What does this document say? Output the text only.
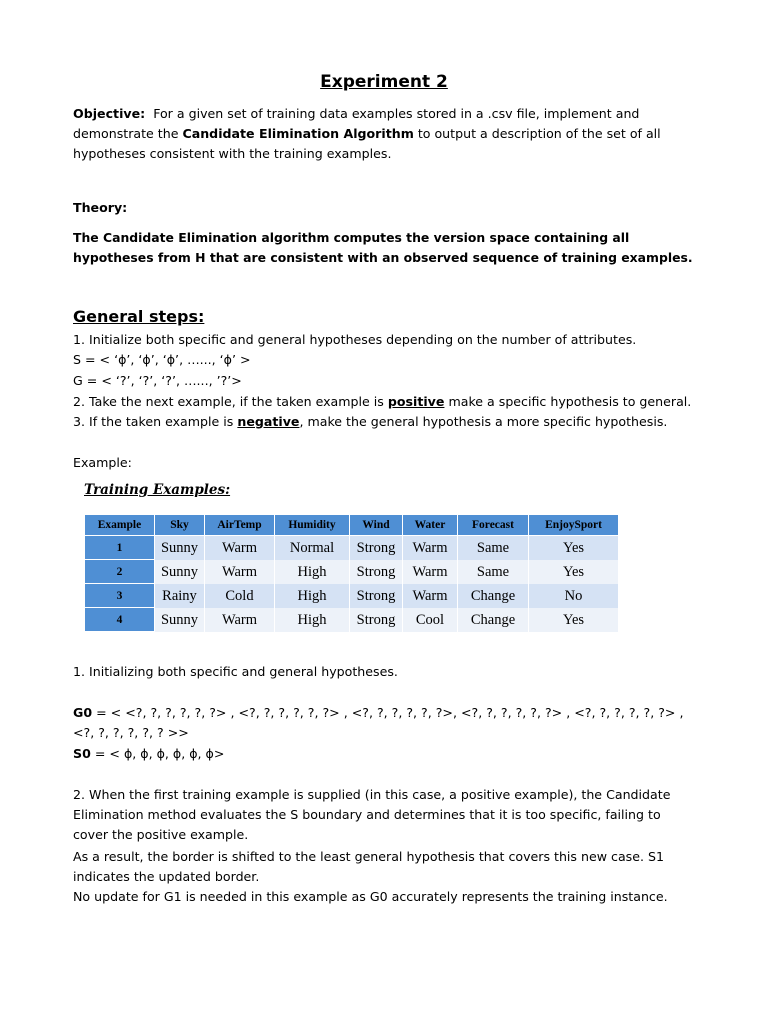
Experiment 2
Objective: For a given set of training data examples stored in a .csv file, implement and demonstrate the Candidate Elimination Algorithm to output a description of the set of all hypotheses consistent with the training examples.
Theory:
The Candidate Elimination algorithm computes the version space containing all hypotheses from H that are consistent with an observed sequence of training examples.
General steps:
1. Initialize both specific and general hypotheses depending on the number of attributes.
S = < ‘ϕ’, ‘ϕ’, ‘ϕ’, …..., ‘ϕ’ >
G = < ‘?’, ‘?’, ‘?’, …..., ’?’>
2. Take the next example, if the taken example is positive make a specific hypothesis to general.
3. If the taken example is negative, make the general hypothesis a more specific hypothesis.
Example:
Training Examples:
Example	Sky	AirTemp	Humidity	Wind	Water	Forecast	EnjoySport
1	Sunny	Warm	Normal	Strong	Warm	Same	Yes
2	Sunny	Warm	High	Strong	Warm	Same	Yes
3	Rainy	Cold	High	Strong	Warm	Change	No
4	Sunny	Warm	High	Strong	Cool	Change	Yes
1. Initializing both specific and general hypotheses.
G0 = < <?, ?, ?, ?, ?, ?> , <?, ?, ?, ?, ?, ?> , <?, ?, ?, ?, ?, ?>, <?, ?, ?, ?, ?, ?> , <?, ?, ?, ?, ?, ?> , <?, ?, ?, ?, ?, ? >>
S0 = < ϕ, ϕ, ϕ, ϕ, ϕ, ϕ>
2. When the first training example is supplied (in this case, a positive example), the Candidate Elimination method evaluates the S boundary and determines that it is too specific, failing to cover the positive example.
As a result, the border is shifted to the least general hypothesis that covers this new case. S1 indicates the updated border.
No update for G1 is needed in this example as G0 accurately represents the training instance.
